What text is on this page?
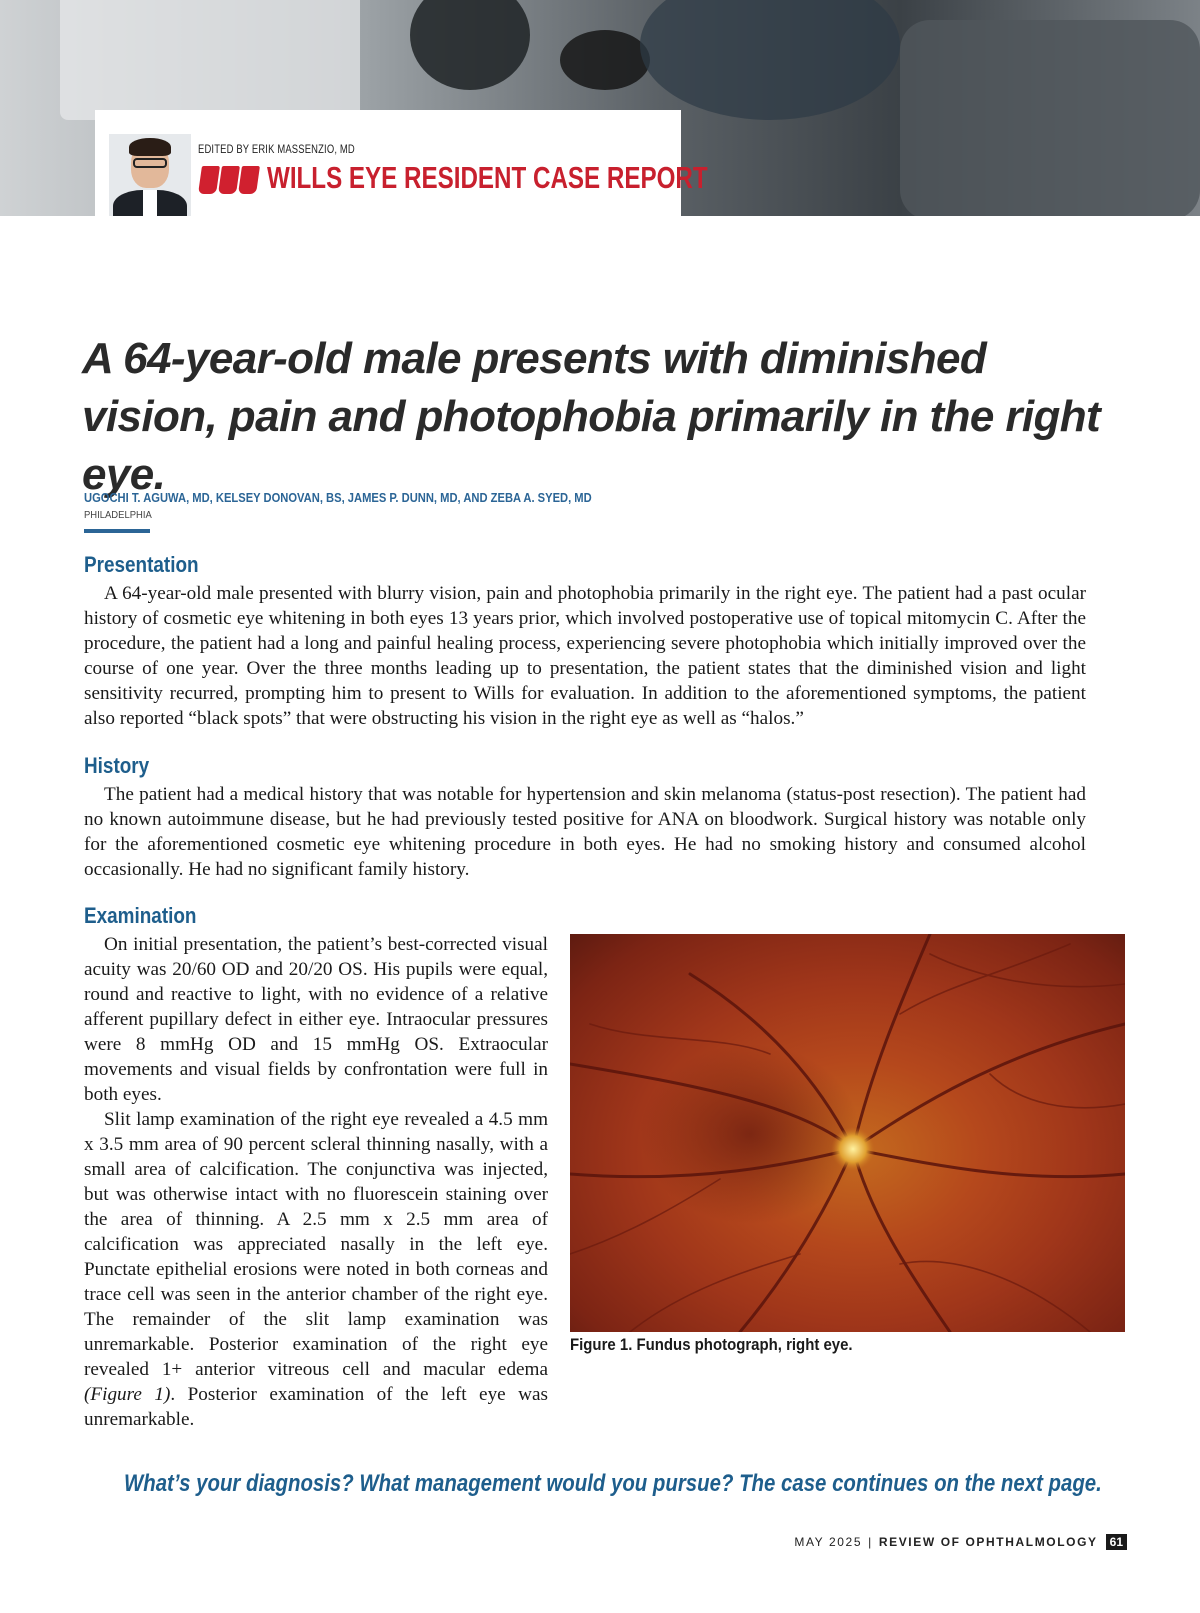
EDITED BY ERIK MASSENZIO, MD
WILLS EYE RESIDENT CASE REPORT
A 64-year-old male presents with diminished vision, pain and photophobia primarily in the right eye.
UGOCHI T. AGUWA, MD, KELSEY DONOVAN, BS, JAMES P. DUNN, MD, AND ZEBA A. SYED, MD
PHILADELPHIA
Presentation

A 64-year-old male presented with blurry vision, pain and photophobia primarily in the right eye. The patient had a past ocular history of cosmetic eye whitening in both eyes 13 years prior, which involved postoperative use of topical mitomycin C. After the procedure, the patient had a long and painful healing process, experiencing severe photophobia which initially improved over the course of one year. Over the three months leading up to presentation, the patient states that the diminished vision and light sensitivity recurred, prompting him to present to Wills for evaluation. In addition to the aforementioned symptoms, the patient also reported “black spots” that were obstructing his vision in the right eye as well as “halos.”

History

The patient had a medical history that was notable for hypertension and skin melanoma (status-post resection). The patient had no known autoimmune disease, but he had previously tested positive for ANA on bloodwork. Surgical history was notable only for the aforementioned cosmetic eye whitening procedure in both eyes. He had no smoking history and consumed alcohol occasionally. He had no significant family history.

Examination

On initial presentation, the patient’s best-corrected visual acuity was 20/60 OD and 20/20 OS. His pupils were equal, round and reactive to light, with no evidence of a relative afferent pupillary defect in either eye. Intraocular pressures were 8 mmHg OD and 15 mmHg OS. Extraocular movements and visual fields by confrontation were full in both eyes.

Slit lamp examination of the right eye revealed a 4.5 mm x 3.5 mm area of 90 percent scleral thinning nasally, with a small area of calcification. The conjunctiva was injected, but was otherwise intact with no fluorescein staining over the area of thinning. A 2.5 mm x 2.5 mm area of calcification was appreciated nasally in the left eye. Punctate epithelial erosions were noted in both corneas and trace cell was seen in the anterior chamber of the right eye. The remainder of the slit lamp examination was unremarkable. Posterior examination of the right eye revealed 1+ anterior vitreous cell and macular edema (Figure 1). Posterior examination of the left eye was unremarkable.

Figure 1. Fundus photograph, right eye.
What’s your diagnosis? What management would you pursue? The case continues on the next page.
MAY 2025 | REVIEW OF OPHTHALMOLOGY	61
